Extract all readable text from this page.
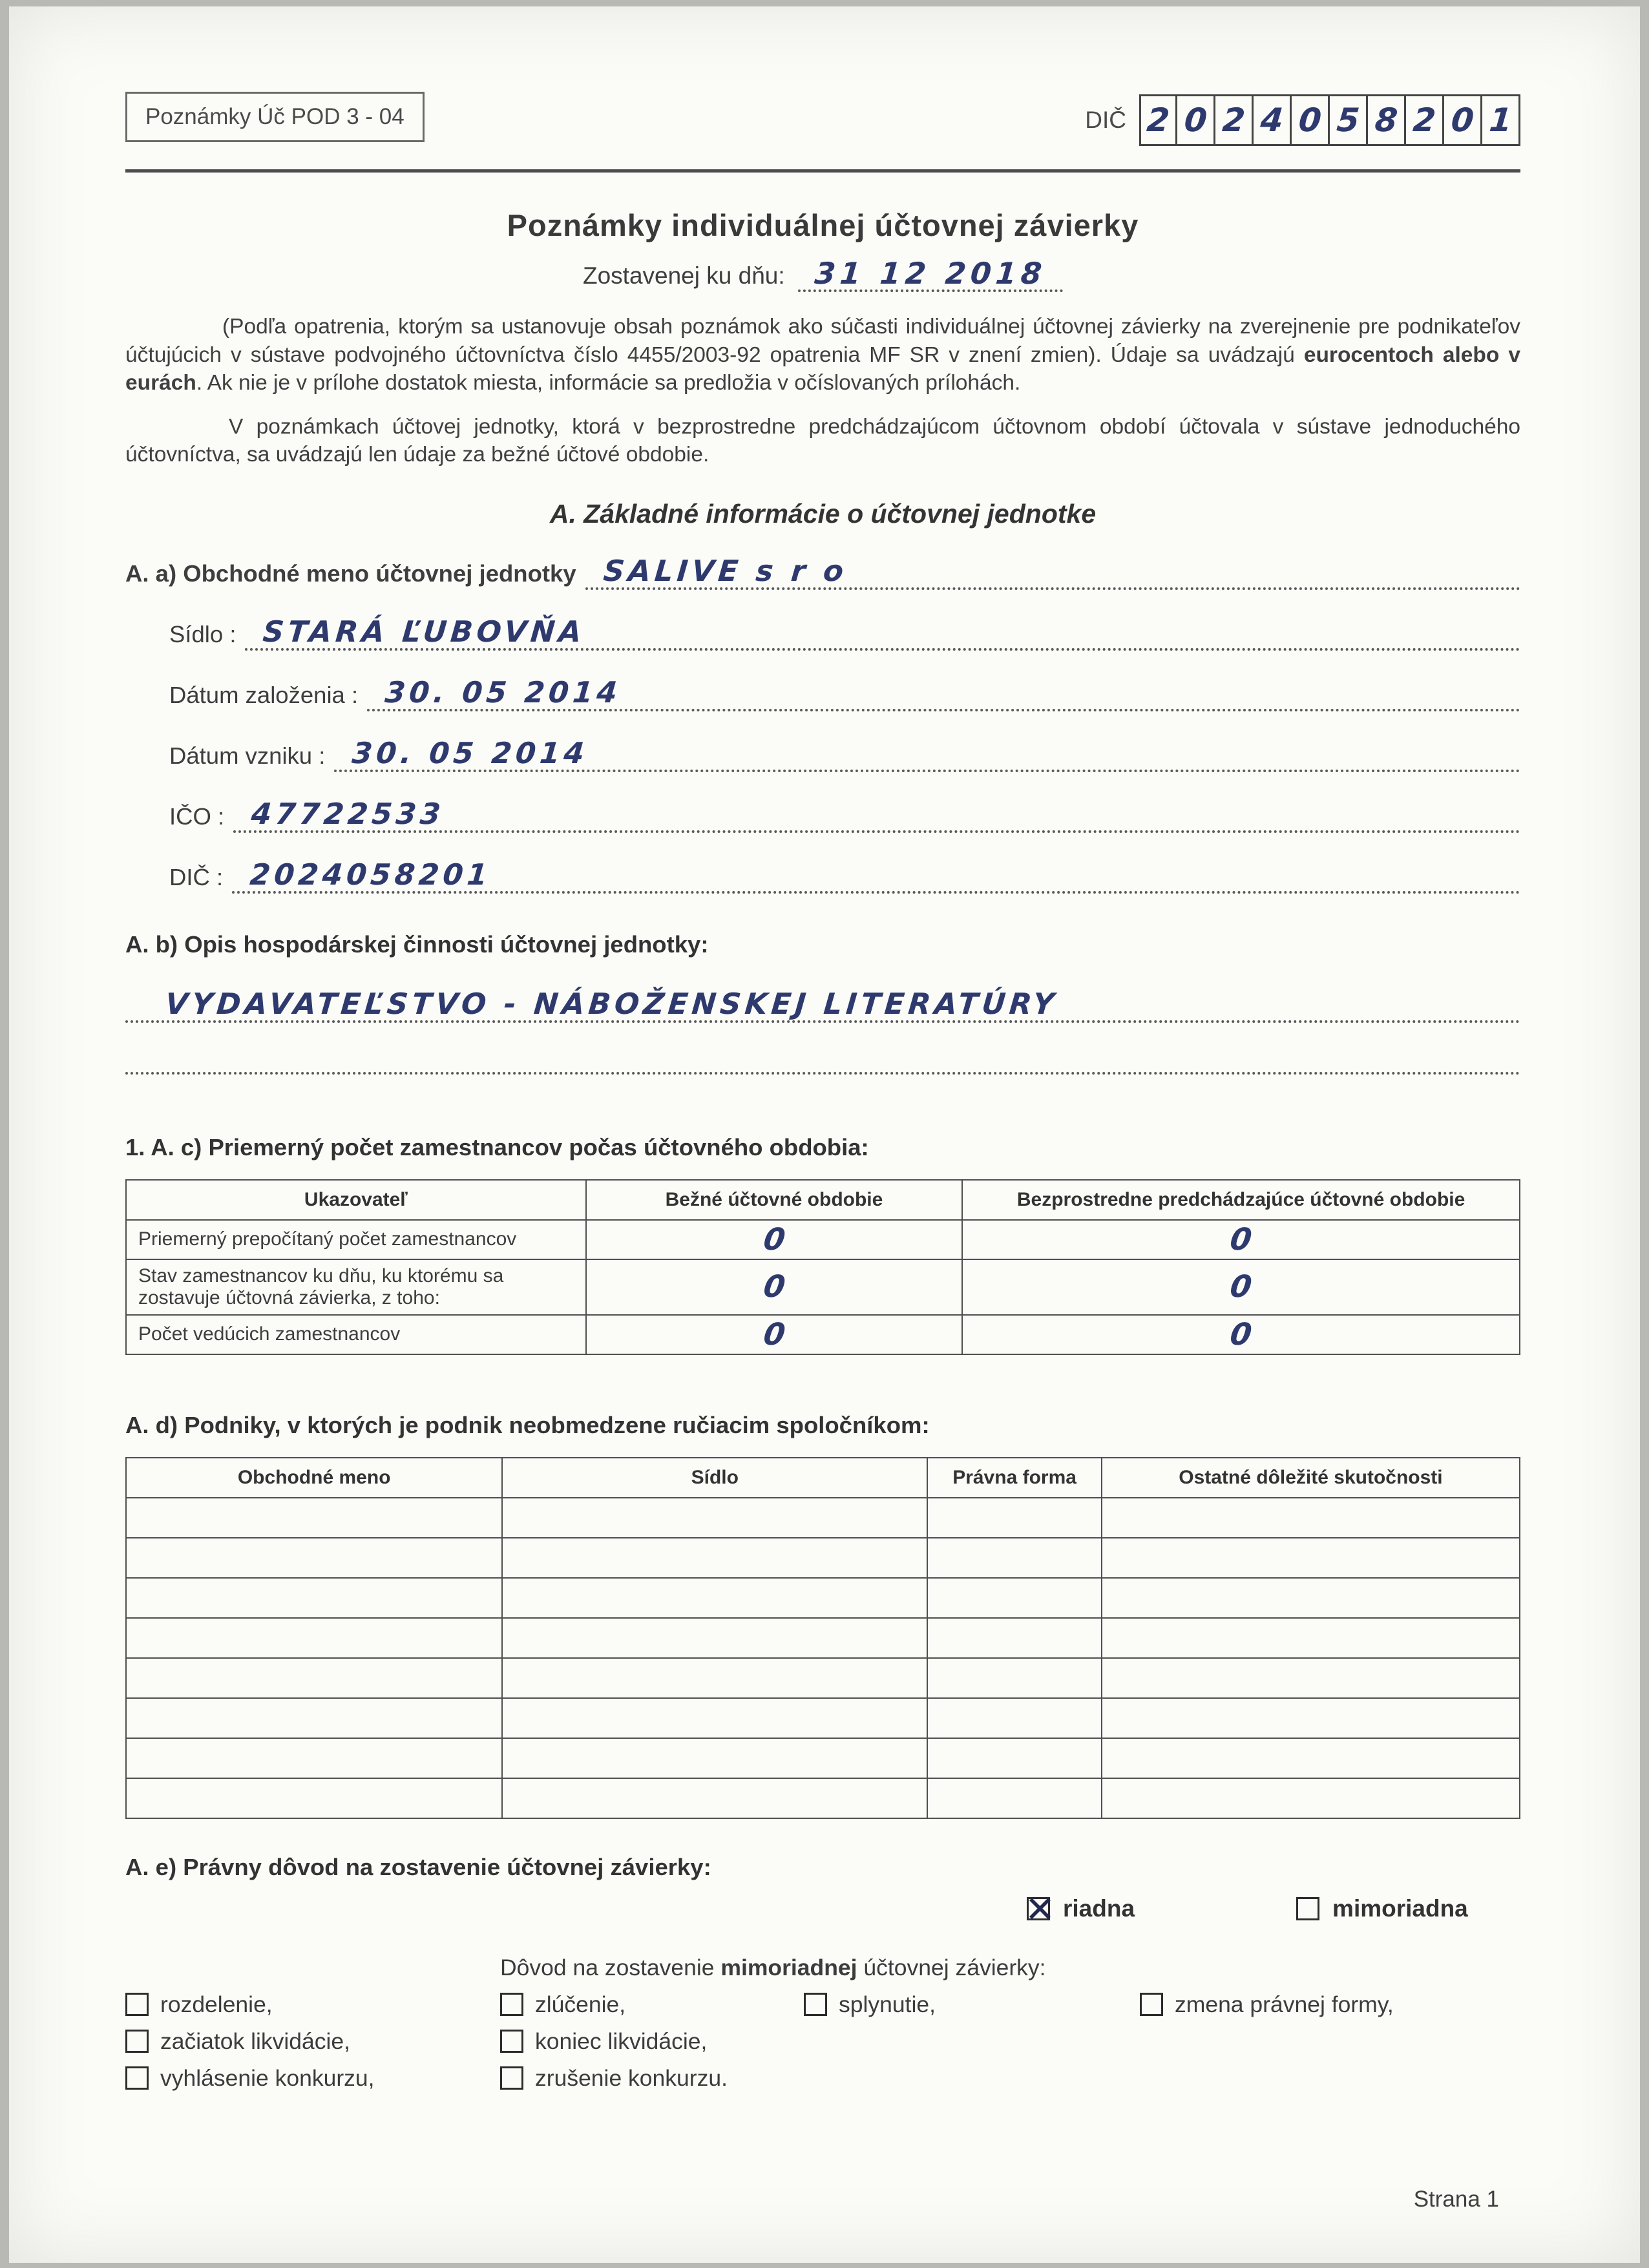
Poznámky Úč POD 3 - 04	DIČ 2 0 2 4 0 5 8 2 0 1
Poznámky individuálnej účtovnej závierky
Zostavenej ku dňu: 31 12 2018

(Podľa opatrenia, ktorým sa ustanovuje obsah poznámok ako súčasti individuálnej účtovnej závierky na zverejnenie pre podnikateľov účtujúcich v sústave podvojného účtovníctva číslo 4455/2003-92 opatrenia MF SR v znení zmien). Údaje sa uvádzajú eurocentoch alebo v eurách. Ak nie je v prílohe dostatok miesta, informácie sa predložia v očíslovaných prílohách.

V poznámkach účtovej jednotky, ktorá v bezprostredne predchádzajúcom účtovnom období účtovala v sústave jednoduchého účtovníctva, sa uvádzajú len údaje za bežné účtové obdobie.

A. Základné informácie o účtovnej jednotke
A. a) Obchodné meno účtovnej jednotky SALIVE s r o
Sídlo : STARÁ ĽUBOVŇA
Dátum založenia : 30. 05 2014
Dátum vzniku : 30. 05 2014
IČO : 47722533
DIČ : 2024058201
A. b) Opis hospodárskej činnosti účtovnej jednotky:
VYDAVATEĽSTVO - NÁBOŽENSKEJ LITERATÚRY
1. A. c) Priemerný počet zamestnancov počas účtovného obdobia:
Ukazovateľ	Bežné účtovné obdobie	Bezprostredne predchádzajúce účtovné obdobie
Priemerný prepočítaný počet zamestnancov	0	0
Stav zamestnancov ku dňu, ku ktorému sa zostavuje účtovná závierka, z toho:	0	0
Počet vedúcich zamestnancov	0	0
A. d) Podniky, v ktorých je podnik neobmedzene ručiacim spoločníkom:
Obchodné meno	Sídlo	Právna forma	Ostatné dôležité skutočnosti

A. e) Právny dôvod na zostavenie účtovnej závierky:
✕
riadna	mimoriadna
Dôvod na zostavenie mimoriadnej účtovnej závierky:
rozdelenie,	zlúčenie,	splynutie,	zmena právnej formy,
začiatok likvidácie,	koniec likvidácie,
vyhlásenie konkurzu,	zrušenie konkurzu.
Strana 1
